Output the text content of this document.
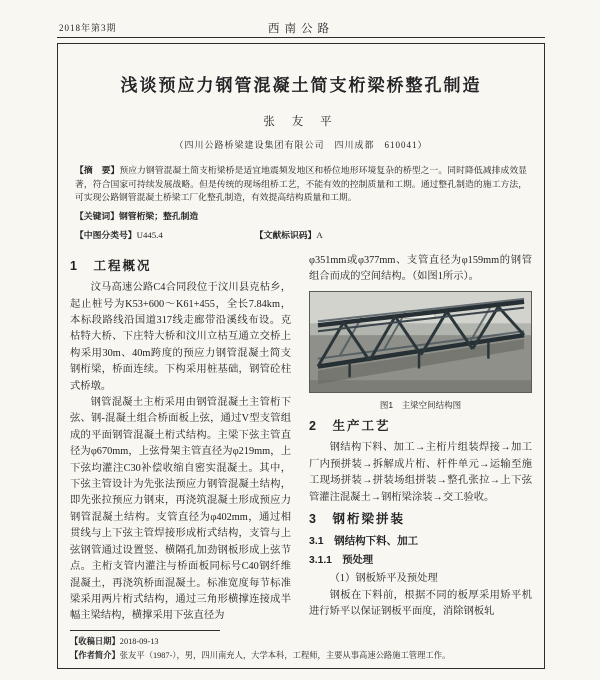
2018年第3期	西南公路
浅谈预应力钢管混凝土简支桁梁桥整孔制造
张 友 平
（四川公路桥梁建设集团有限公司　四川成都　610041）

【摘　要】预应力钢管混凝土简支桁梁桥是适宜地震频发地区和桥位地形环境复杂的桥型之一。同时降低减排成效显著，符合国家可持续发展战略。但是传统的现场组桥工艺，不能有效的控制质量和工期。通过整孔制造的施工方法，可实现公路钢管混凝土桥梁工厂化整孔制造，有效提高结构质量和工期。

【关键词】钢管桁梁；整孔制造

【中图分类号】U445.4	【文献标识码】A
1　工程概况

汶马高速公路C4合同段位于汶川县克枯乡，起止桩号为K53+600～K61+455，全长7.84km，本标段路线沿国道317线走廊带沿溪线布设。克枯特大桥、下庄特大桥和汶川立枯互通立交桥上构采用30m、40m跨度的预应力钢管混凝土简支钢桁梁，桥面连续。下构采用桩基础，钢管砼柱式桥墩。

钢管混凝土主桁采用由钢管混凝土主管桁下弦、钢-混凝土组合桥面板上弦，通过V型支管组成的平面钢管混凝土桁式结构。主梁下弦主管直径为φ670mm，上弦骨架主管直径为φ219mm，上下弦均灌注C30补偿收缩自密实混凝土。其中，下弦主管设计为先张法预应力钢管混凝土结构，即先张拉预应力钢束，再浇筑混凝土形成预应力钢管混凝土结构。支管直径为φ402mm，通过相贯线与上下弦主管焊接形成桁式结构，支管与上弦钢管通过设置竖、横隔孔加劲钢板形成上弦节点。主桁支管内灌注与桥面板同标号C40钢纤维混凝土，再浇筑桥面混凝土。标准宽度每节标准梁采用两片桁式结构，通过三角形横撑连接成半幅主梁结构，横撑采用下弦直径为

φ351mm或φ377mm、支管直径为φ159mm的钢管组合而成的空间结构。（如图1所示）。

图1　主梁空间结构图
2　生产工艺

钢结构下料、加工→主桁片组装焊接→加工厂内预拼装→拆解成片桁、杆件单元→运输至施工现场拼装→拼装场组拼装→整孔张拉→上下弦管灌注混凝土→钢桁梁涂装→交工验收。

3　钢桁梁拼装
3.1　钢结构下料、加工
3.1.1　预处理

（1）钢板矫平及预处理

钢板在下料前，根据不同的板厚采用矫平机进行矫平以保证钢板平面度，消除钢板轧

【收稿日期】2018-09-13
【作者简介】张友平（1987-），男，四川南充人，大学本科，工程师，主要从事高速公路施工管理工作。
